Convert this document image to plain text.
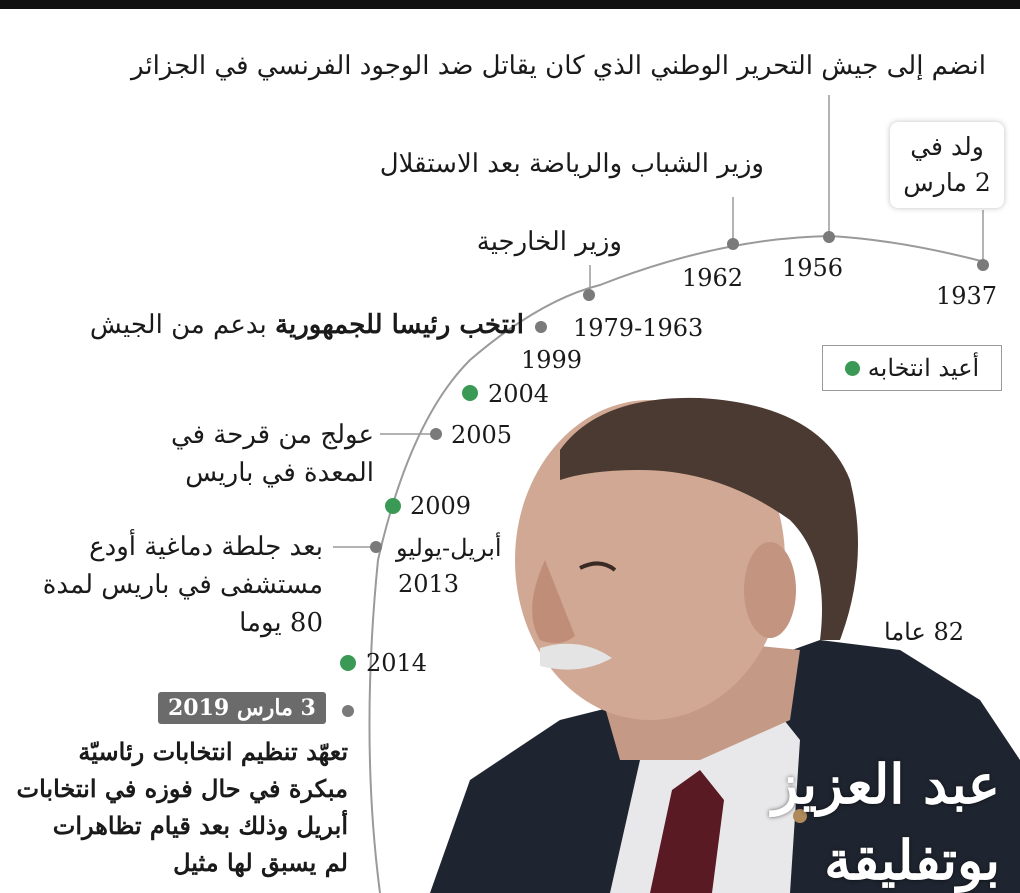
ولد في
2 مارس
1937
1956
1962
1979-1963
1999
2004
2005
2009
أبريل-يوليو
2013
2014
3 مارس 2019
انضم إلى جيش التحرير الوطني الذي كان يقاتل ضد الوجود الفرنسي في الجزائر
وزير الشباب والرياضة بعد الاستقلال
وزير الخارجية
انتخب رئيسا للجمهورية بدعم من الجيش
عولج من قرحة في
المعدة في باريس
بعد جلطة دماغية أودع
مستشفى في باريس لمدة
80 يوما
تعهّد تنظيم انتخابات رئاسيّة
مبكرة في حال فوزه في انتخابات
أبريل وذلك بعد قيام تظاهرات
لم يسبق لها مثيل
أعيد انتخابه
82 عاما
عبد العزيز
بوتفليقة
